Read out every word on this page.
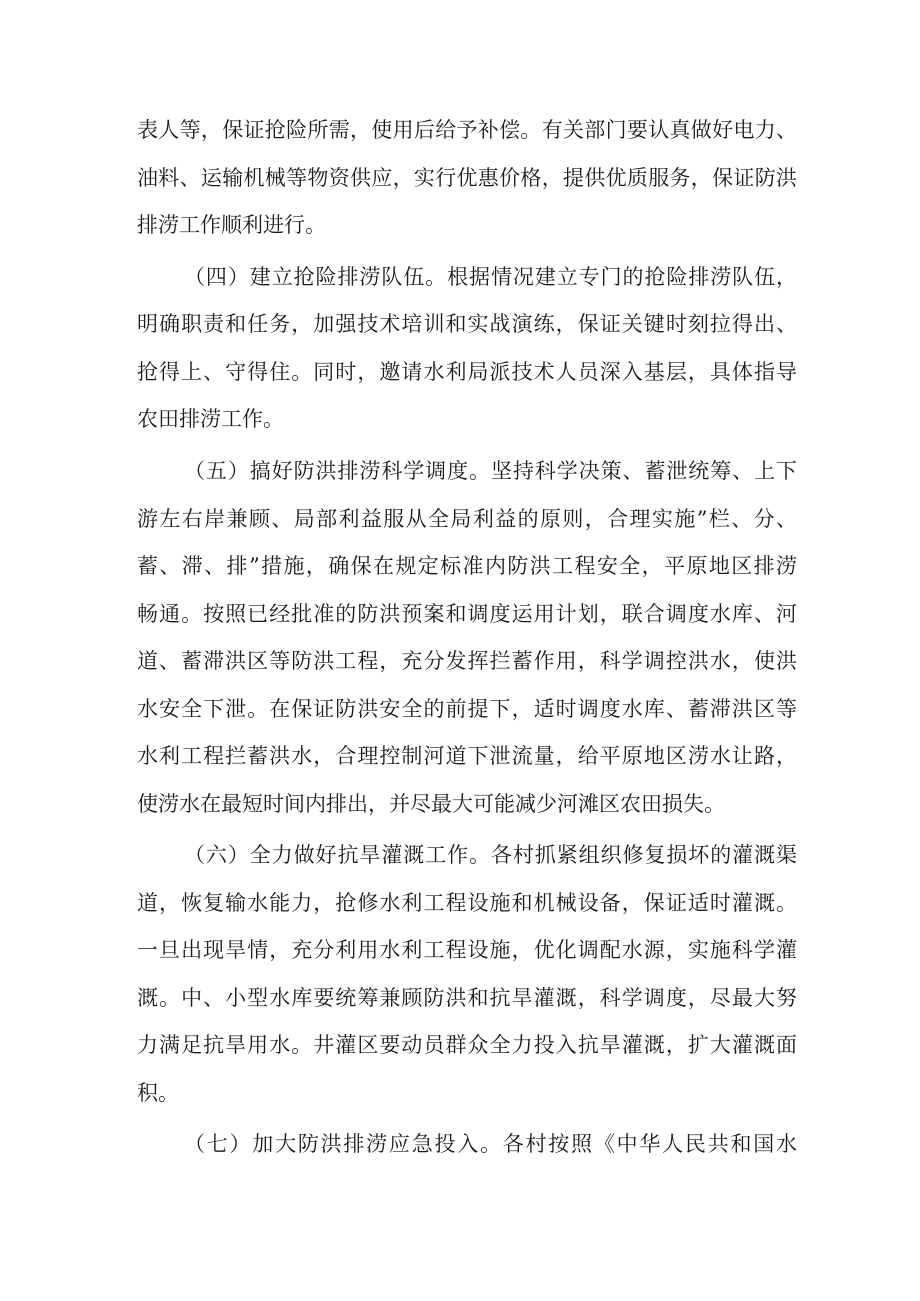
表人等，保证抢险所需，使用后给予补偿。有关部门要认真做好电力、
油料、运输机械等物资供应，实行优惠价格，提供优质服务，保证防洪
排涝工作顺利进行。
（四）建立抢险排涝队伍。根据情况建立专门的抢险排涝队伍，
明确职责和任务，加强技术培训和实战演练，保证关键时刻拉得出、
抢得上、守得住。同时，邀请水利局派技术人员深入基层，具体指导
农田排涝工作。
（五）搞好防洪排涝科学调度。坚持科学决策、蓄泄统筹、上下
游左右岸兼顾、局部利益服从全局利益的原则，合理实施”栏、分、
蓄、滞、排”措施，确保在规定标准内防洪工程安全，平原地区排涝
畅通。按照已经批准的防洪预案和调度运用计划，联合调度水库、河
道、蓄滞洪区等防洪工程，充分发挥拦蓄作用，科学调控洪水，使洪
水安全下泄。在保证防洪安全的前提下，适时调度水库、蓄滞洪区等
水利工程拦蓄洪水，合理控制河道下泄流量，给平原地区涝水让路，
使涝水在最短时间内排出，并尽最大可能减少河滩区农田损失。
（六）全力做好抗旱灌溉工作。各村抓紧组织修复损坏的灌溉渠
道，恢复输水能力，抢修水利工程设施和机械设备，保证适时灌溉。
一旦出现旱情，充分利用水利工程设施，优化调配水源，实施科学灌
溉。中、小型水库要统筹兼顾防洪和抗旱灌溉，科学调度，尽最大努
力满足抗旱用水。井灌区要动员群众全力投入抗旱灌溉，扩大灌溉面
积。
（七）加大防洪排涝应急投入。各村按照《中华人民共和国水
